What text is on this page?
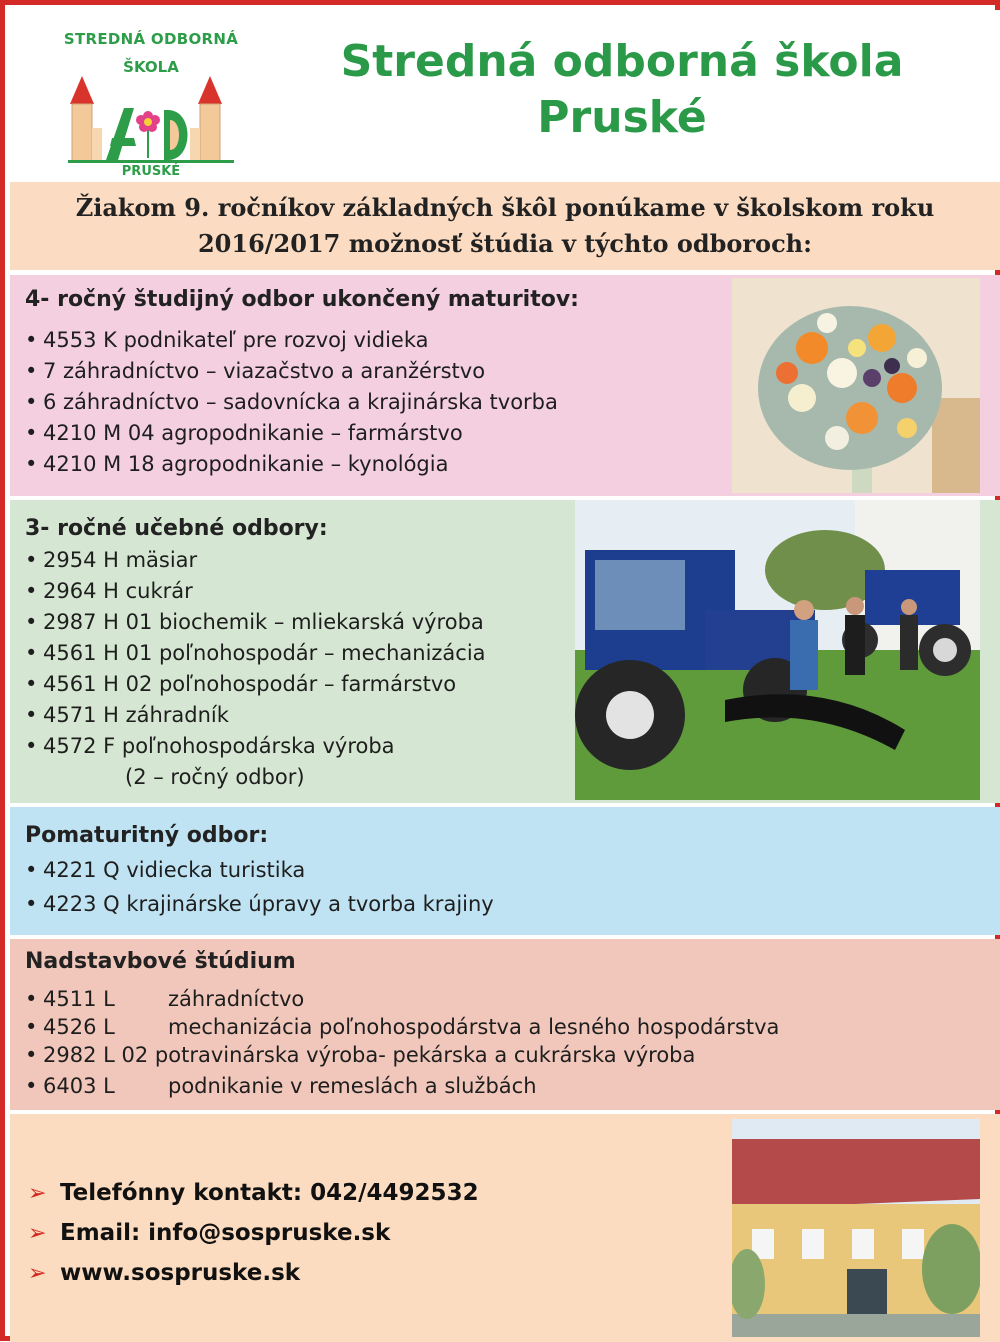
STREDNÁ ODBORNÁ
ŠKOLA
PRUSKÉ
Stredná odborná škola
Pruské
Žiakom 9. ročníkov základných škôl ponúkame v školskom roku
2016/2017 možnosť štúdia v týchto odboroch:
4- ročný študijný odbor ukončený maturitov:
• 4553 K podnikateľ pre rozvoj vidieka
• 7 záhradníctvo – viazačstvo a aranžérstvo
• 6 záhradníctvo – sadovnícka a krajinárska tvorba
• 4210 M 04 agropodnikanie – farmárstvo
• 4210 M 18 agropodnikanie – kynológia
3- ročné učebné odbory:
• 2954 H mäsiar
• 2964 H cukrár
• 2987 H 01 biochemik – mliekarská výroba
• 4561 H 01 poľnohospodár – mechanizácia
• 4561 H 02 poľnohospodár – farmárstvo
• 4571 H záhradník
• 4572 F poľnohospodárska výroba
(2 – ročný odbor)
Pomaturitný odbor:
• 4221 Q vidiecka turistika
• 4223 Q krajinárske úpravy a tvorba krajiny
Nadstavbové štúdium
• 4511 L	záhradníctvo
• 4526 L	mechanizácia poľnohospodárstva a lesného hospodárstva
• 2982 L 02 potravinárska výroba- pekárska a cukrárska výroba
• 6403 L	podnikanie v remeslách a službách
➢ Telefónny kontakt: 042/4492532
➢ Email: info@sospruske.sk
➢ www.sospruske.sk
